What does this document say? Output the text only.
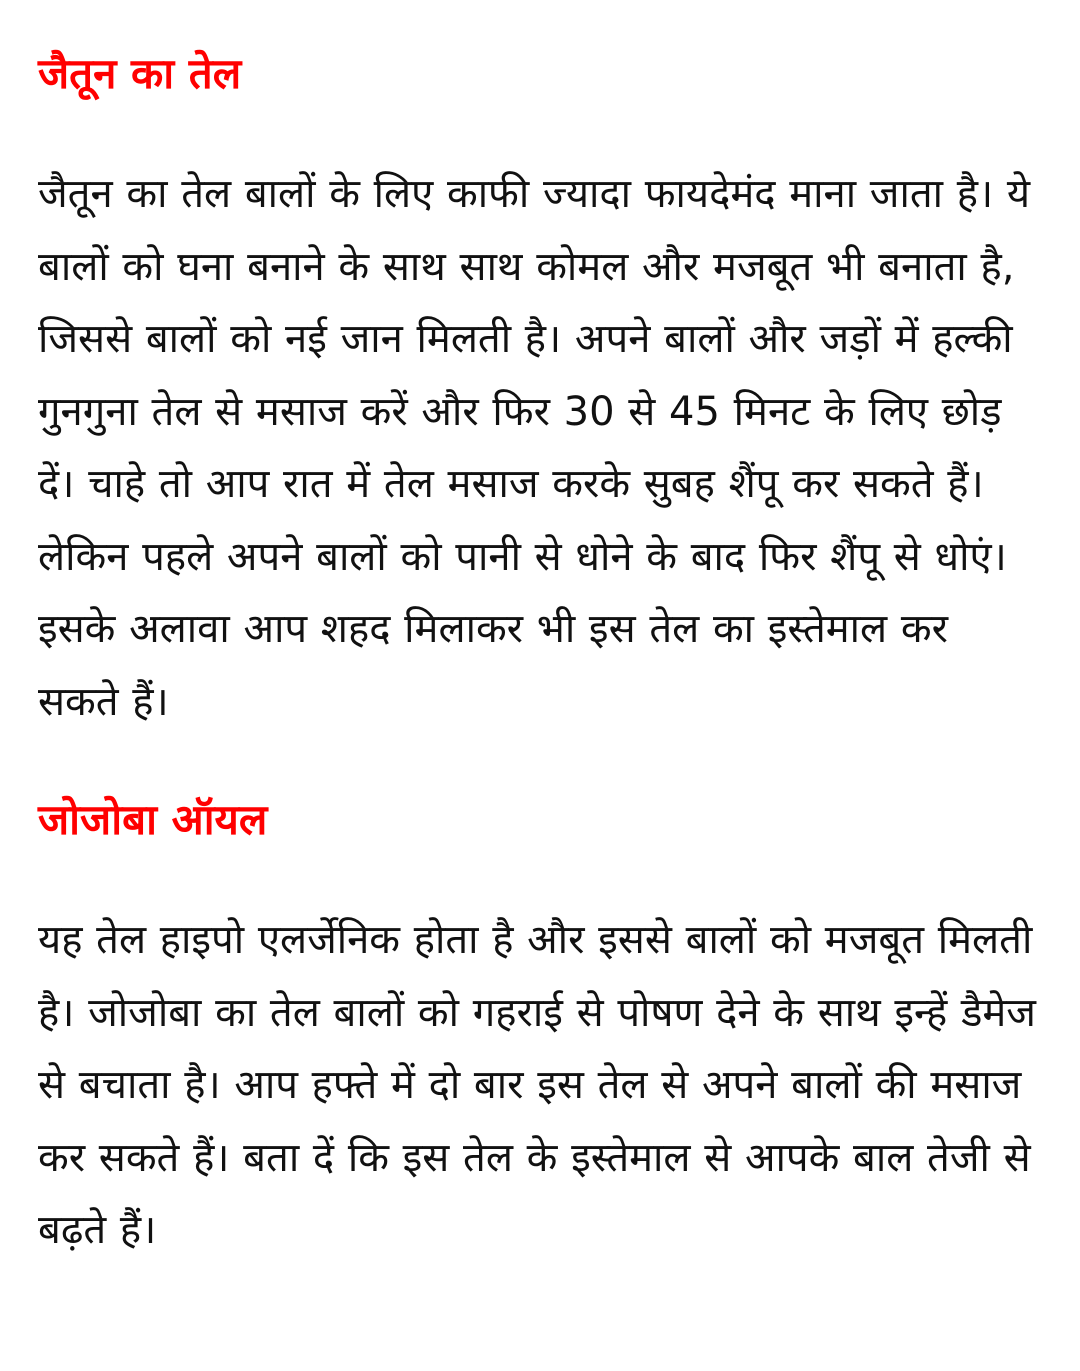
जैतून का तेल

जैतून का तेल बालों के लिए काफी ज्यादा फायदेमंद माना जाता है। ये बालों को घना बनाने के साथ साथ कोमल और मजबूत भी बनाता है, जिससे बालों को नई जान मिलती है। अपने बालों और जड़ों में हल्की गुनगुना तेल से मसाज करें और फिर 30 से 45 मिनट के लिए छोड़ दें। चाहे तो आप रात में तेल मसाज करके सुबह शैंपू कर सकते हैं। लेकिन पहले अपने बालों को पानी से धोने के बाद फिर शैंपू से धोएं। इसके अलावा आप शहद मिलाकर भी इस तेल का इस्तेमाल कर सकते हैं।

जोजोबा ऑयल

यह तेल हाइपो एलर्जेनिक होता है और इससे बालों को मजबूत मिलती है। जोजोबा का तेल बालों को गहराई से पोषण देने के साथ इन्हें डैमेज से बचाता है। आप हफ्ते में दो बार इस तेल से अपने बालों की मसाज कर सकते हैं। बता दें कि इस तेल के इस्तेमाल से आपके बाल तेजी से बढ़ते हैं।
